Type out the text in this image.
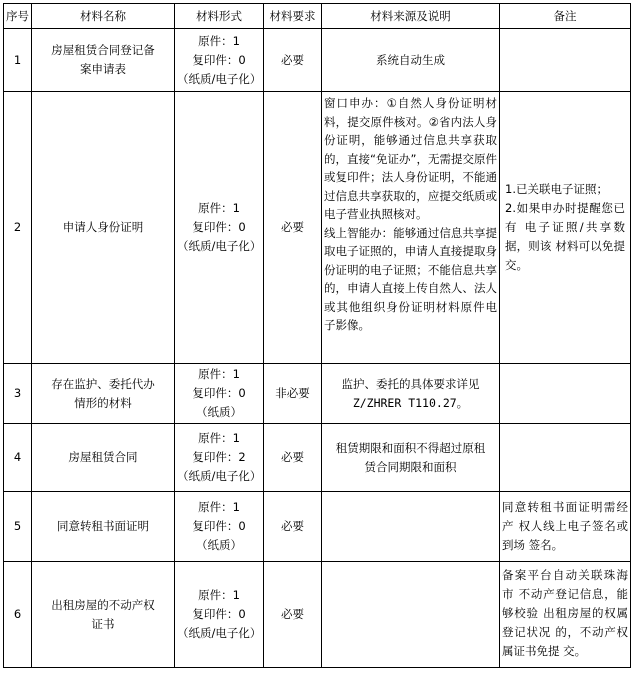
序号	材料名称	材料形式	材料要求	材料来源及说明	备注
1	房屋租赁合同登记备案申请表	原件：1
复印件：0
（纸质/电子化）	必要	系统自动生成	

2	申请人身份证明	原件：1
复印件：0
（纸质/电子化）	必要	窗口申办：①自然人身份证明材料，提交原件核对。②省内法人身份证明，能够通过信息共享获取的，直接“免证办”，无需提交原件或复印件；法人身份证明，不能通过信息共享获取的，应提交纸质或电子营业执照核对。
线上智能办：能够通过信息共享提取电子证照的，申请人直接提取身份证明的电子证照；不能信息共享的，申请人直接上传自然人、法人或其他组织身份证明材料原件电 子影像。	1.已关联电子证照；
2.如果申办时提醒您已有 电子证照/共享数据，则该 材料可以免提交。

3	存在监护、委托代办情形的材料	原件：1
复印件：0
（纸质）	非必要	监护、委托的具体要求详见
Z/ZHRER T110.27。	

4	房屋租赁合同	原件：1
复印件：2
（纸质/电子化）	必要	租赁期限和面积不得超过原租赁合同期限和面积	

5	同意转租书面证明	原件：1
复印件：0
（纸质）	必要		同意转租书面证明需经产 权人线上电子签名或到场 签名。

6	出租房屋的不动产权证书	原件：1
复印件：0
（纸质/电子化）	必要		备案平台自动关联珠海市 不动产登记信息，能够校验 出租房屋的权属登记状况 的，不动产权属证书免提 交。
